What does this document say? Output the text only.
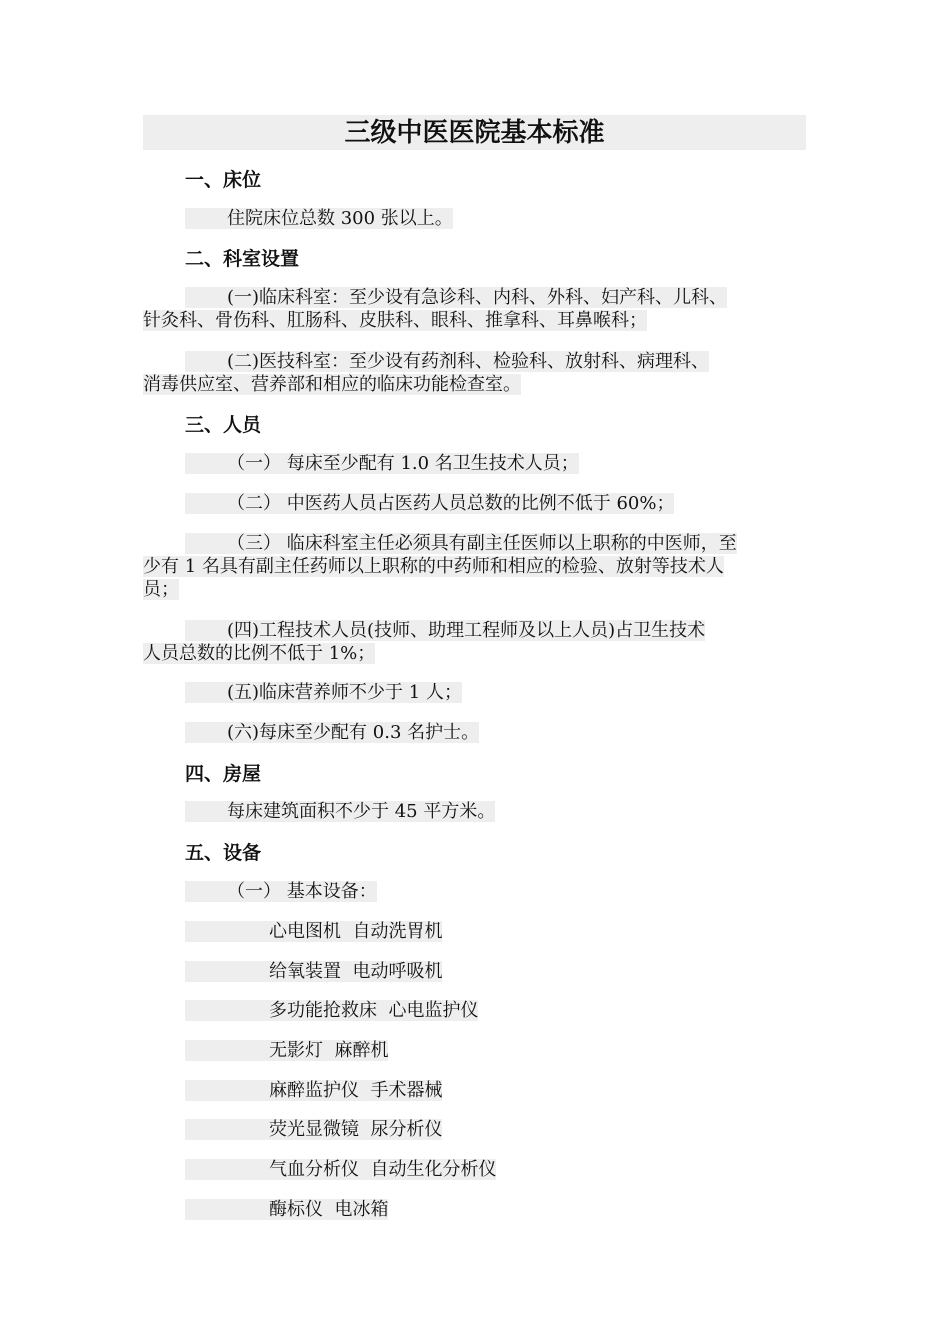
三级中医医院基本标准
一、床位
住院床位总数 300 张以上。
二、科室设置
(一)临床科室：至少设有急诊科、内科、外科、妇产科、儿科、
针灸科、骨伤科、肛肠科、皮肤科、眼科、推拿科、耳鼻喉科；
(二)医技科室：至少设有药剂科、检验科、放射科、病理科、
消毒供应室、营养部和相应的临床功能检查室。
三、人员
（一） 每床至少配有 1.0 名卫生技术人员；
（二） 中医药人员占医药人员总数的比例不低于 60%；
（三） 临床科室主任必须具有副主任医师以上职称的中医师，至
少有 1 名具有副主任药师以上职称的中药师和相应的检验、放射等技术人
员；
(四)工程技术人员(技师、助理工程师及以上人员)占卫生技术
人员总数的比例不低于 1%；
(五)临床营养师不少于 1 人；
(六)每床至少配有 0.3 名护士。
四、房屋
每床建筑面积不少于 45 平方米。
五、设备
（一） 基本设备：
心电图机  自动洗胃机
给氧装置  电动呼吸机
多功能抢救床  心电监护仪
无影灯  麻醉机
麻醉监护仪  手术器械
荧光显微镜  尿分析仪
气血分析仪  自动生化分析仪
酶标仪  电冰箱
